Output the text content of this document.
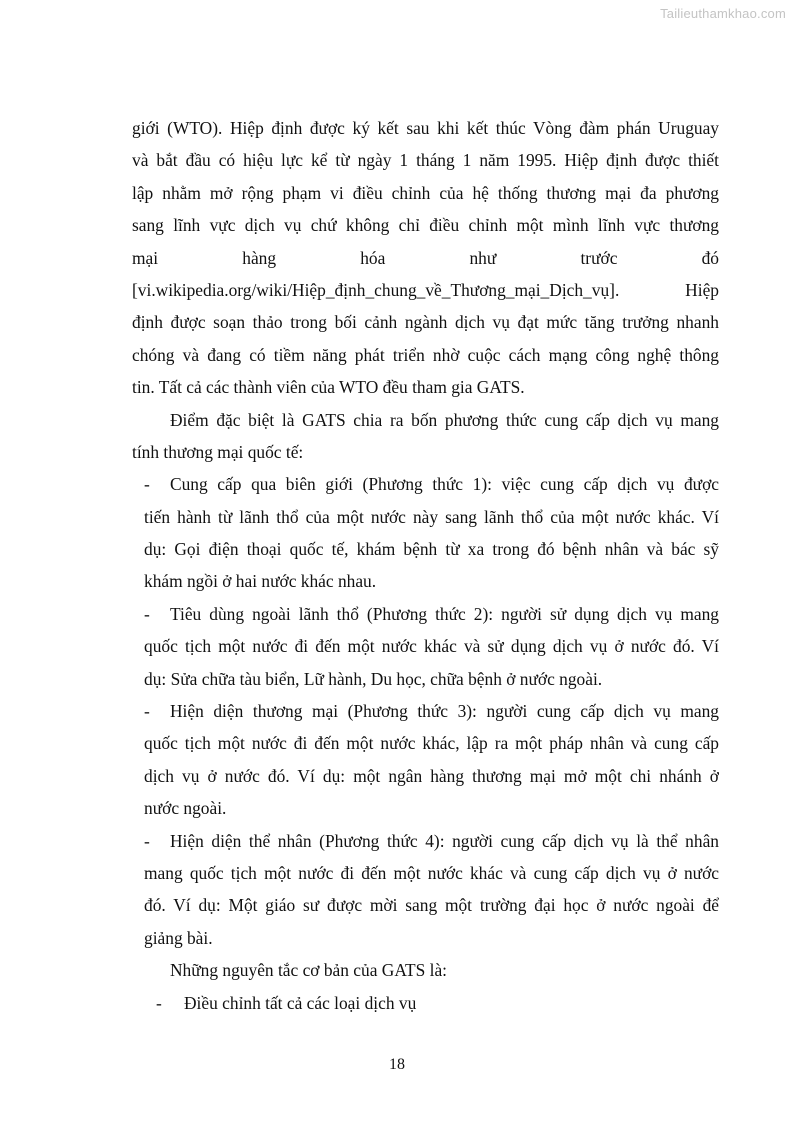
Tailieuthamkhao.com
giới (WTO). Hiệp định được ký kết sau khi kết thúc Vòng đàm phán Uruguay
và bắt đầu có hiệu lực kể từ ngày 1 tháng 1 năm 1995. Hiệp định được thiết
lập nhằm mở rộng phạm vi điều chỉnh của hệ thống thương mại đa phương
sang lĩnh vực dịch vụ chứ không chỉ điều chỉnh một mình lĩnh vực thương
mại hàng hóa như trước đó
[vi.wikipedia.org/wiki/Hiệp_định_chung_về_Thương_mại_Dịch_vụ]. Hiệp
định được soạn thảo trong bối cảnh ngành dịch vụ đạt mức tăng trưởng nhanh
chóng và đang có tiềm năng phát triển nhờ cuộc cách mạng công nghệ thông
tin. Tất cả các thành viên của WTO đều tham gia GATS.
Điểm đặc biệt là GATS chia ra bốn phương thức cung cấp dịch vụ mang
tính thương mại quốc tế:
- Cung cấp qua biên giới (Phương thức 1): việc cung cấp dịch vụ được
tiến hành từ lãnh thổ của một nước này sang lãnh thổ của một nước khác. Ví
dụ: Gọi điện thoại quốc tế, khám bệnh từ xa trong đó bệnh nhân và bác sỹ
khám ngồi ở hai nước khác nhau.
- Tiêu dùng ngoài lãnh thổ (Phương thức 2): người sử dụng dịch vụ mang
quốc tịch một nước đi đến một nước khác và sử dụng dịch vụ ở nước đó. Ví
dụ: Sửa chữa tàu biển, Lữ hành, Du học, chữa bệnh ở nước ngoài.
- Hiện diện thương mại (Phương thức 3): người cung cấp dịch vụ mang
quốc tịch một nước đi đến một nước khác, lập ra một pháp nhân và cung cấp
dịch vụ ở nước đó. Ví dụ: một ngân hàng thương mại mở một chi nhánh ở
nước ngoài.
- Hiện diện thể nhân (Phương thức 4): người cung cấp dịch vụ là thể nhân
mang quốc tịch một nước đi đến một nước khác và cung cấp dịch vụ ở nước
đó. Ví dụ: Một giáo sư được mời sang một trường đại học ở nước ngoài để
giảng bài.
Những nguyên tắc cơ bản của GATS là:
- Điều chỉnh tất cả các loại dịch vụ
18
